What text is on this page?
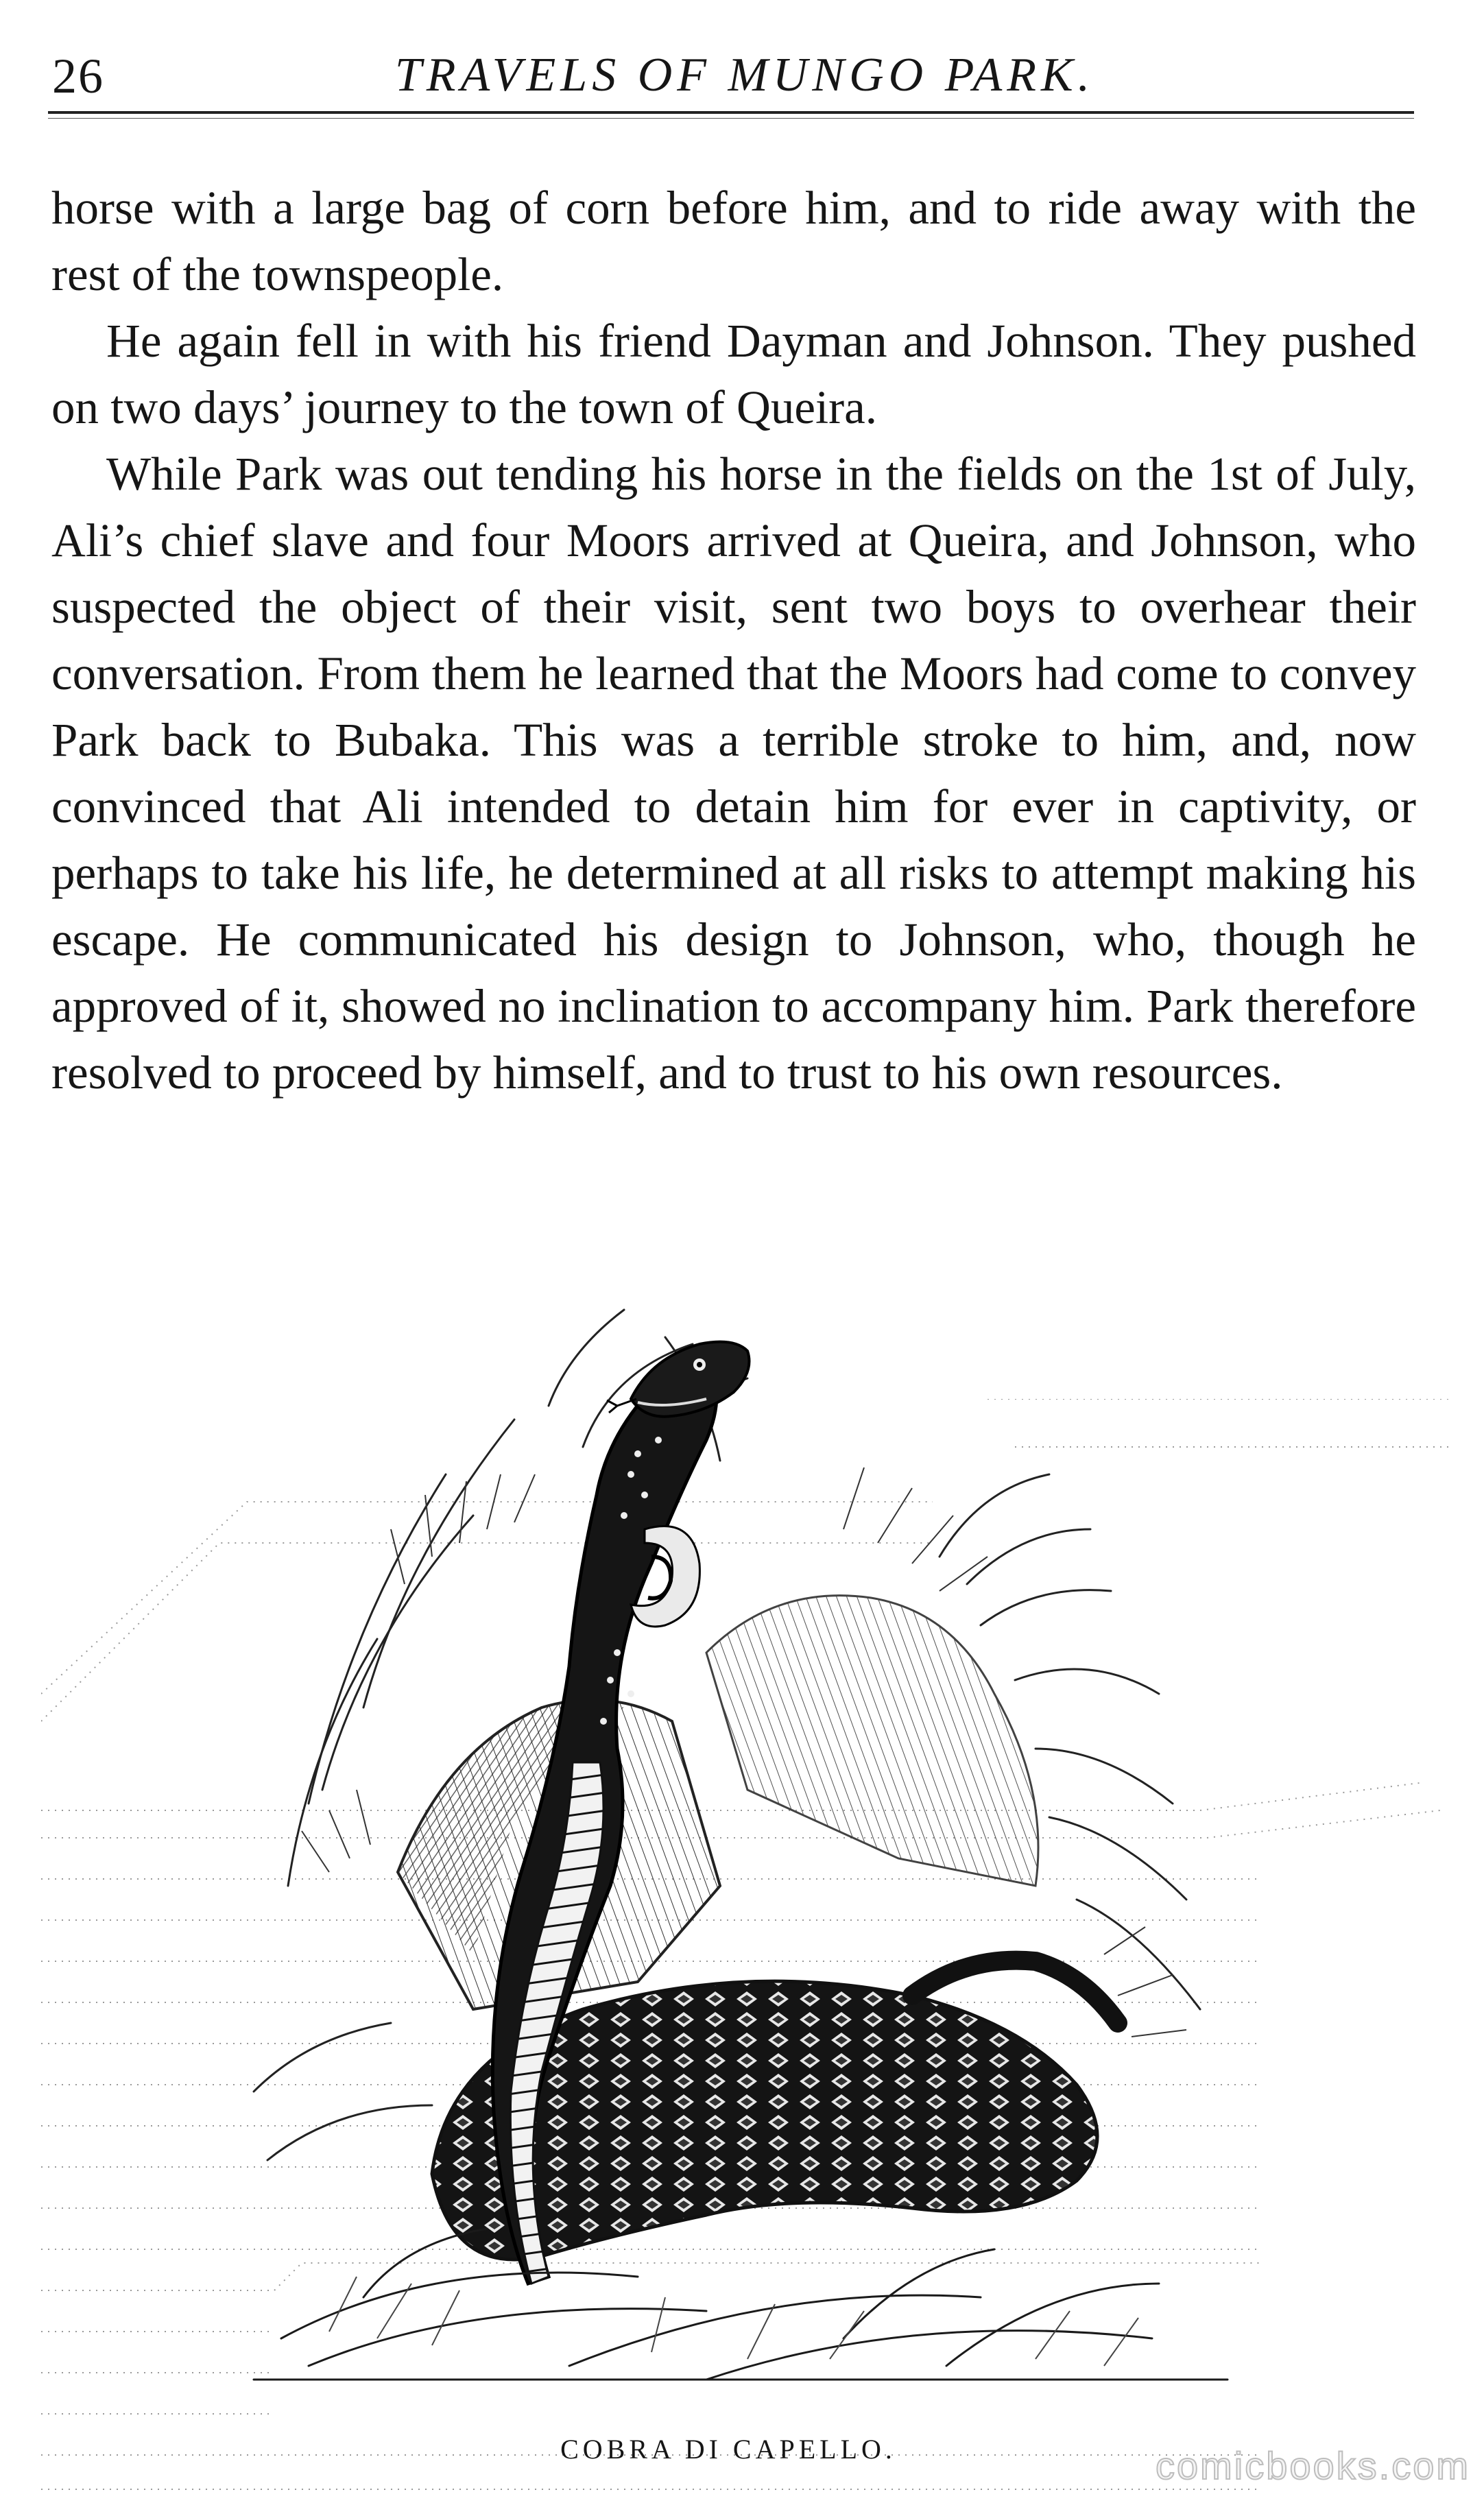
26	TRAVELS OF MUNGO PARK.

horse with a large bag of corn before him, and to ride away with the rest of the townspeople.

He again fell in with his friend Dayman and Johnson. They pushed on two days’ journey to the town of Queira.

While Park was out tending his horse in the fields on the 1st of July, Ali’s chief slave and four Moors arrived at Queira, and Johnson, who suspected the object of their visit, sent two boys to overhear their conversation. From them he learned that the Moors had come to convey Park back to Bubaka. This was a terrible stroke to him, and, now convinced that Ali intended to detain him for ever in captivity, or perhaps to take his life, he determined at all risks to attempt making his escape. He communicated his design to Johnson, who, though he approved of it, showed no inclination to accompany him. Park therefore resolved to proceed by himself, and to trust to his own resources.

COBRA DI CAPELLO.	comicbooks.com
